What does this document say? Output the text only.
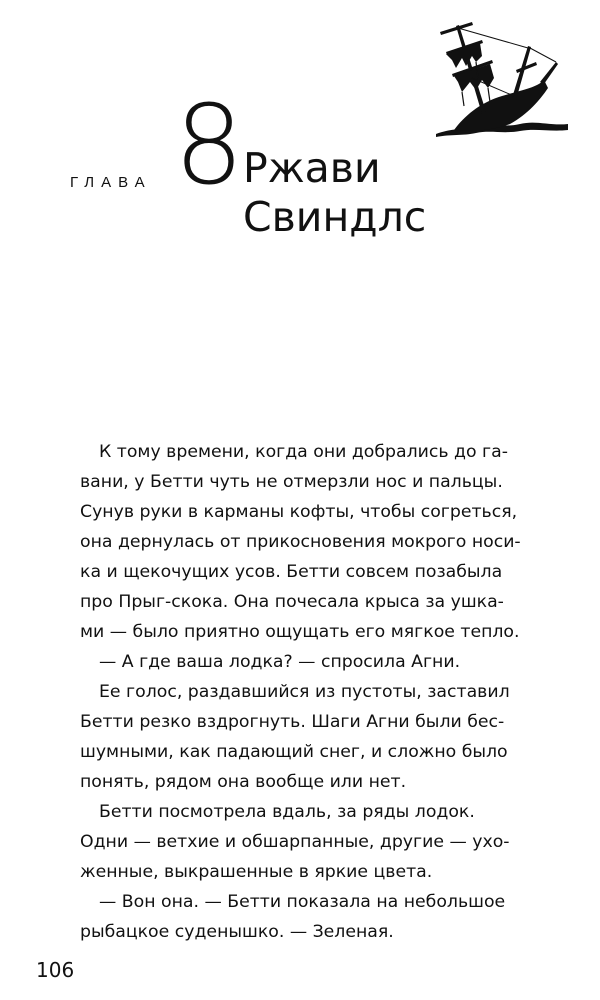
ГЛАВА 8 Ржави
Свиндлс
К тому времени, когда они добрались до га-
вани, у Бетти чуть не отмерзли нос и пальцы.
Сунув руки в карманы кофты, чтобы согреться,
она дернулась от прикосновения мокрого носи-
ка и щекочущих усов. Бетти совсем позабыла
про Прыг-скока. Она почесала крыса за ушка-
ми — было приятно ощущать его мягкое тепло.
— А где ваша лодка? — спросила Агни.
Ее голос, раздавшийся из пустоты, заставил
Бетти резко вздрогнуть. Шаги Агни были бес-
шумными, как падающий снег, и сложно было
понять, рядом она вообще или нет.
Бетти посмотрела вдаль, за ряды лодок.
Одни — ветхие и обшарпанные, другие — ухо-
женные, выкрашенные в яркие цвета.
— Вон она. — Бетти показала на небольшое
рыбацкое суденышко. — Зеленая.
106
